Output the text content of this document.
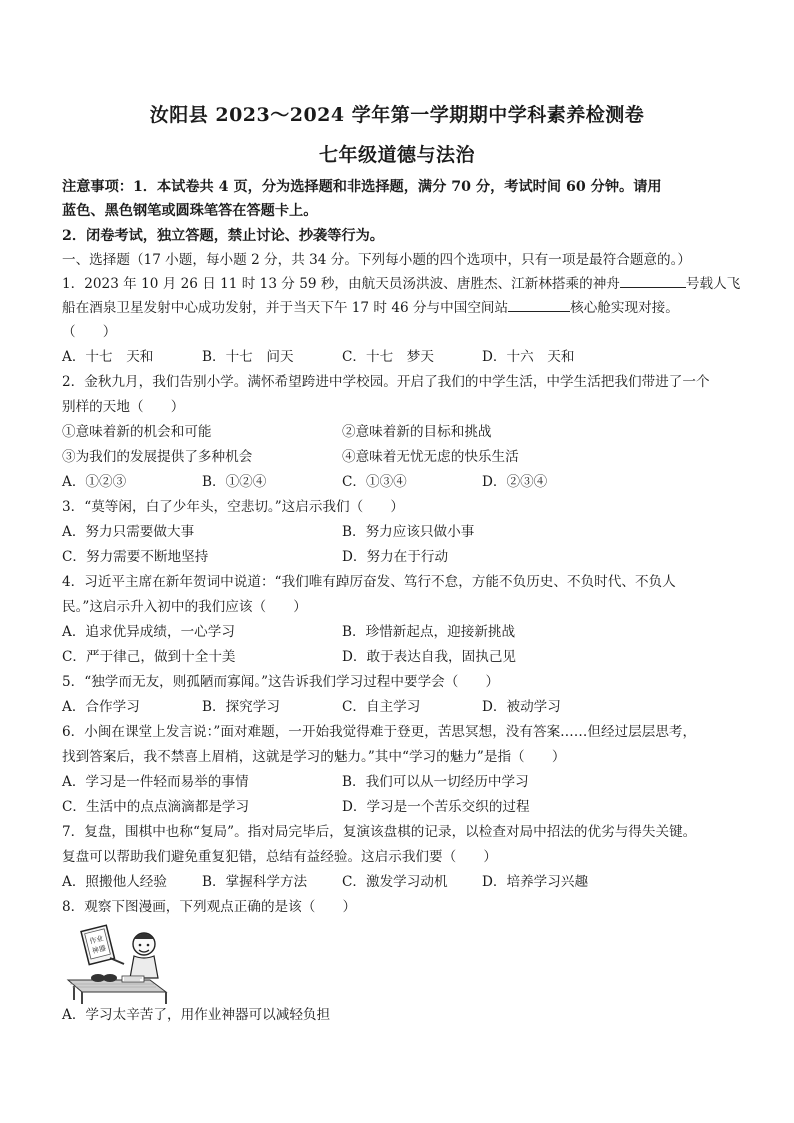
汝阳县 2023～2024 学年第一学期期中学科素养检测卷
七年级道德与法治
注意事项：1．本试卷共 4 页，分为选择题和非选择题，满分 70 分，考试时间 60 分钟。请用
蓝色、黑色钢笔或圆珠笔答在答题卡上。
2．闭卷考试，独立答题，禁止讨论、抄袭等行为。
一、选择题（17 小题，每小题 2 分，共 34 分。下列每小题的四个选项中，只有一项是最符合题意的。）
1．2023 年 10 月 26 日 11 时 13 分 59 秒，由航天员汤洪波、唐胜杰、江新林搭乘的神舟	号载人飞
船在酒泉卫星发射中心成功发射，并于当天下午 17 时 46 分与中国空间站	核心舱实现对接。
（　　）
A．十七　天和	B．十七　问天	C．十七　梦天	D．十六　天和
2．金秋九月，我们告别小学。满怀希望跨进中学校园。开启了我们的中学生活，中学生活把我们带进了一个
别样的天地（　　）
①意味着新的机会和可能	②意味着新的目标和挑战
③为我们的发展提供了多种机会	④意味着无忧无虑的快乐生活
A．①②③	B．①②④	C．①③④	D．②③④
3．“莫等闲，白了少年头，空悲切。”这启示我们（　　）
A．努力只需要做大事	B．努力应该只做小事
C．努力需要不断地坚持	D．努力在于行动
4．习近平主席在新年贺词中说道：“我们唯有踔厉奋发、笃行不怠，方能不负历史、不负时代、不负人
民。”这启示升入初中的我们应该（　　）
A．追求优异成绩，一心学习	B．珍惜新起点，迎接新挑战
C．严于律己，做到十全十美	D．敢于表达自我，固执己见
5．“独学而无友，则孤陋而寡闻。”这告诉我们学习过程中要学会（　　）
A．合作学习	B．探究学习	C．自主学习	D．被动学习
6．小闽在课堂上发言说：”面对难题，一开始我觉得难于登更，苦思冥想，没有答案……但经过层层思考，
找到答案后，我不禁喜上眉梢，这就是学习的魅力。”其中“学习的魅力”是指（　　）
A．学习是一件轻而易举的事情	B．我们可以从一切经历中学习
C．生活中的点点滴滴都是学习	D．学习是一个苦乐交织的过程
7．复盘，围棋中也称“复局”。指对局完毕后，复演该盘棋的记录，以检查对局中招法的优劣与得失关键。
复盘可以帮助我们避免重复犯错，总结有益经验。这启示我们要（　　）
A．照搬他人经验	B．掌握科学方法	C．激发学习动机	D．培养学习兴趣
8．观察下图漫画，下列观点正确的是该（　　）
作业
神器
A．学习太辛苦了，用作业神器可以减轻负担
